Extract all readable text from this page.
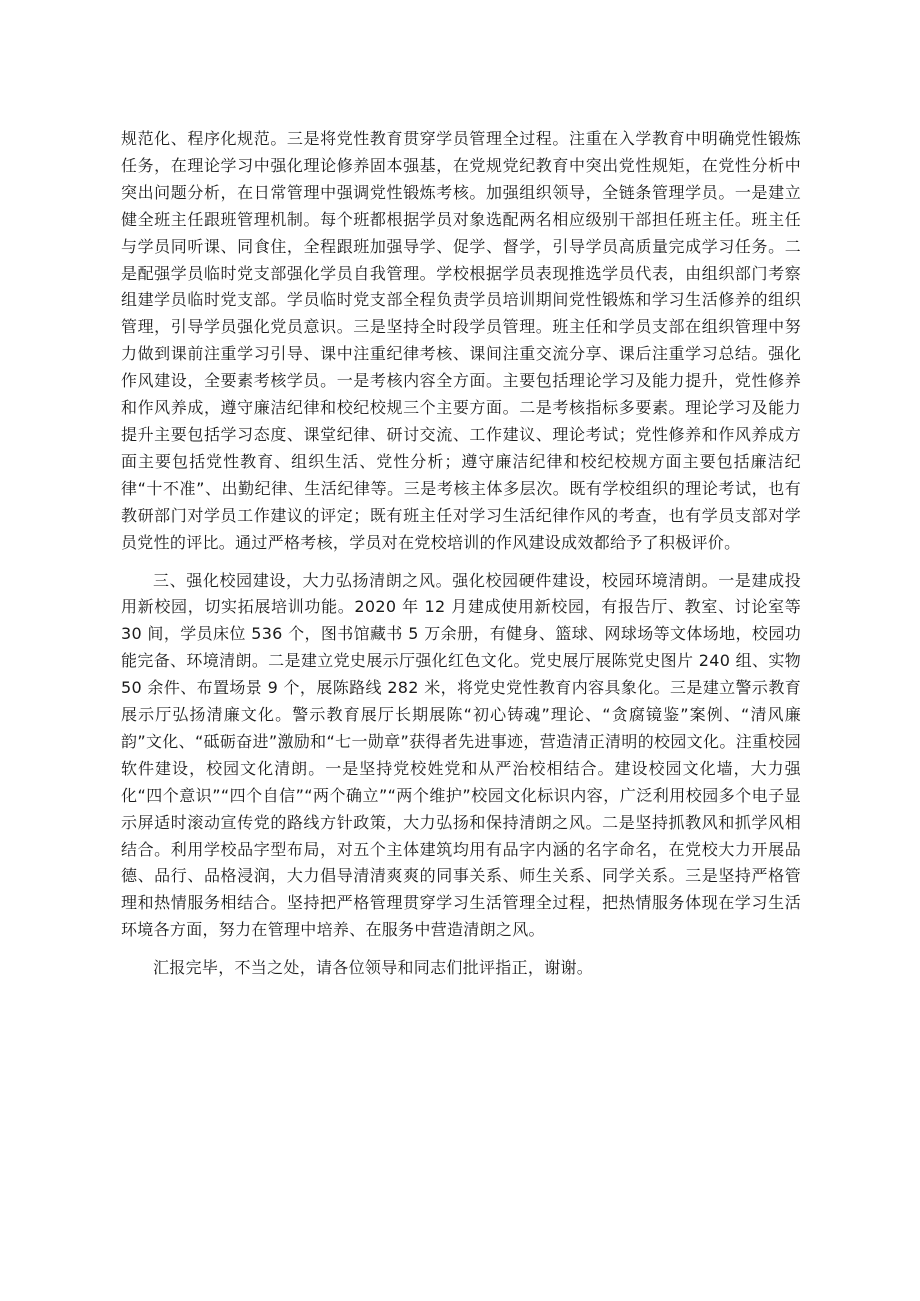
规范化、程序化规范。三是将党性教育贯穿学员管理全过程。注重在入学教育中明确党性锻炼任务，在理论学习中强化理论修养固本强基，在党规党纪教育中突出党性规矩，在党性分析中突出问题分析，在日常管理中强调党性锻炼考核。加强组织领导，全链条管理学员。一是建立健全班主任跟班管理机制。每个班都根据学员对象选配两名相应级别干部担任班主任。班主任与学员同听课、同食住，全程跟班加强导学、促学、督学，引导学员高质量完成学习任务。二是配强学员临时党支部强化学员自我管理。学校根据学员表现推选学员代表，由组织部门考察组建学员临时党支部。学员临时党支部全程负责学员培训期间党性锻炼和学习生活修养的组织管理，引导学员强化党员意识。三是坚持全时段学员管理。班主任和学员支部在组织管理中努力做到课前注重学习引导、课中注重纪律考核、课间注重交流分享、课后注重学习总结。强化作风建设，全要素考核学员。一是考核内容全方面。主要包括理论学习及能力提升，党性修养和作风养成，遵守廉洁纪律和校纪校规三个主要方面。二是考核指标多要素。理论学习及能力提升主要包括学习态度、课堂纪律、研讨交流、工作建议、理论考试；党性修养和作风养成方面主要包括党性教育、组织生活、党性分析；遵守廉洁纪律和校纪校规方面主要包括廉洁纪律“十不准”、出勤纪律、生活纪律等。三是考核主体多层次。既有学校组织的理论考试，也有教研部门对学员工作建议的评定；既有班主任对学习生活纪律作风的考查，也有学员支部对学员党性的评比。通过严格考核，学员对在党校培训的作风建设成效都给予了积极评价。

三、强化校园建设，大力弘扬清朗之风。强化校园硬件建设，校园环境清朗。一是建成投用新校园，切实拓展培训功能。2020 年 12 月建成使用新校园，有报告厅、教室、讨论室等 30 间，学员床位 536 个，图书馆藏书 5 万余册，有健身、篮球、网球场等文体场地，校园功能完备、环境清朗。二是建立党史展示厅强化红色文化。党史展厅展陈党史图片 240 组、实物 50 余件、布置场景 9 个，展陈路线 282 米，将党史党性教育内容具象化。三是建立警示教育展示厅弘扬清廉文化。警示教育展厅长期展陈“初心铸魂”理论、“贪腐镜鉴”案例、“清风廉韵”文化、“砥砺奋进”激励和“七一勋章”获得者先进事迹，营造清正清明的校园文化。注重校园软件建设，校园文化清朗。一是坚持党校姓党和从严治校相结合。建设校园文化墙，大力强化“四个意识”“四个自信”“两个确立”“两个维护”校园文化标识内容，广泛利用校园多个电子显示屏适时滚动宣传党的路线方针政策，大力弘扬和保持清朗之风。二是坚持抓教风和抓学风相结合。利用学校品字型布局，对五个主体建筑均用有品字内涵的名字命名，在党校大力开展品德、品行、品格浸润，大力倡导清清爽爽的同事关系、师生关系、同学关系。三是坚持严格管理和热情服务相结合。坚持把严格管理贯穿学习生活管理全过程，把热情服务体现在学习生活环境各方面，努力在管理中培养、在服务中营造清朗之风。

汇报完毕，不当之处，请各位领导和同志们批评指正，谢谢。
